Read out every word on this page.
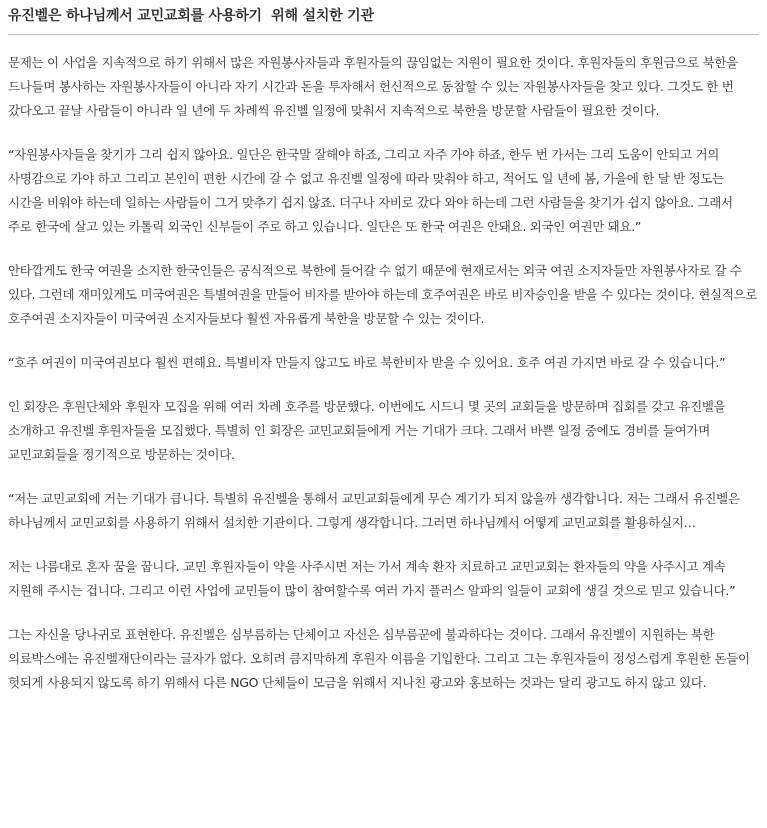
유진벨은 하나님께서 교민교회를 사용하기  위해 설치한 기관

문제는 이 사업을 지속적으로 하기 위해서 많은 자원봉사자들과 후원자들의 끊임없는 지원이 필요한 것이다. 후원자들의 후원금으로 북한을 드나들며 봉사하는 자원봉사자들이 아니라 자기 시간과 돈을 투자해서 헌신적으로 동참할 수 있는 자원봉사자들을 찾고 있다. 그것도 한 번 갔다오고 끝날 사람들이 아니라 일 년에 두 차례씩 유진벨 일정에 맞춰서 지속적으로 북한을 방문할 사람들이 필요한 것이다.

“자원봉사자들을 찾기가 그리 쉽지 않아요. 일단은 한국말 잘해야 하죠, 그리고 자주 가야 하죠, 한두 번 가서는 그리 도움이 안되고 거의 사명감으로 가야 하고 그리고 본인이 편한 시간에 갈 수 없고 유진벨 일정에 따라 맞춰야 하고, 적어도 일 년에 봄, 가을에 한 달 반 정도는 시간을 비워야 하는데 일하는 사람들이 그거 맞추기 쉽지 않죠. 더구나 자비로 갔다 와야 하는데 그런 사람들을 찾기가 쉽지 않아요. 그래서 주로 한국에 살고 있는 카톨릭 외국인 신부들이 주로 하고 있습니다. 일단은 또 한국 여권은 안돼요. 외국인 여권만 돼요.”

안타깝게도 한국 여권을 소지한 한국인들은 공식적으로 북한에 들어갈 수 없기 때문에 현재로서는 외국 여권 소지자들만 자원봉사자로 갈 수 있다. 그런데 재미있게도 미국여권은 특별여권을 만들어 비자를 받아야 하는데 호주여권은 바로 비자승인을 받을 수 있다는 것이다. 현실적으로 호주여권 소지자들이 미국여권 소지자들보다 훨씬 자유롭게 북한을 방문할 수 있는 것이다.

“호주 여권이 미국여권보다 훨씬 편해요. 특별비자 만들지 않고도 바로 북한비자 받을 수 있어요. 호주 여권 가지면 바로 갈 수 있습니다.”

인 회장은 후원단체와 후원자 모집을 위해 여러 차례 호주를 방문했다. 이번에도 시드니 몇 곳의 교회들을 방문하며 집회를 갖고 유진벨을 소개하고 유진벨 후원자들을 모집했다. 특별히 인 회장은 교민교회들에게 거는 기대가 크다. 그래서 바쁜 일정 중에도 경비를 들여가며 교민교회들을 정기적으로 방문하는 것이다.

“저는 교민교회에 거는 기대가 큽니다. 특별히 유진벨을 통해서 교민교회들에게 무슨 계기가 되지 않을까 생각합니다. 저는 그래서 유진벨은 하나님께서 교민교회를 사용하기 위해서 설치한 기관이다. 그렇게 생각합니다. 그러면 하나님께서 어떻게 교민교회를 활용하실지…

저는 나름대로 혼자 꿈을 꿉니다. 교민 후원자들이 약을 사주시면 저는 가서 계속 환자 치료하고 교민교회는 환자들의 약을 사주시고 계속 지원해 주시는 겁니다. 그리고 이런 사업에 교민들이 많이 참여할수록 여러 가지 플러스 알파의 일들이 교회에 생길 것으로 믿고 있습니다.”

그는 자신을 당나귀로 표현한다. 유진벨은 심부름하는 단체이고 자신은 심부름꾼에 불과하다는 것이다. 그래서 유진벨이 지원하는 북한 의료박스에는 유진벨재단이라는 글자가 없다. 오히려 큼지막하게 후원자 이름을 기입한다. 그리고 그는 후원자들이 정성스럽게 후원한 돈들이 헛되게 사용되지 않도록 하기 위해서 다른 NGO 단체들이 모금을 위해서 지나친 광고와 홍보하는 것과는 달리 광고도 하지 않고 있다.
